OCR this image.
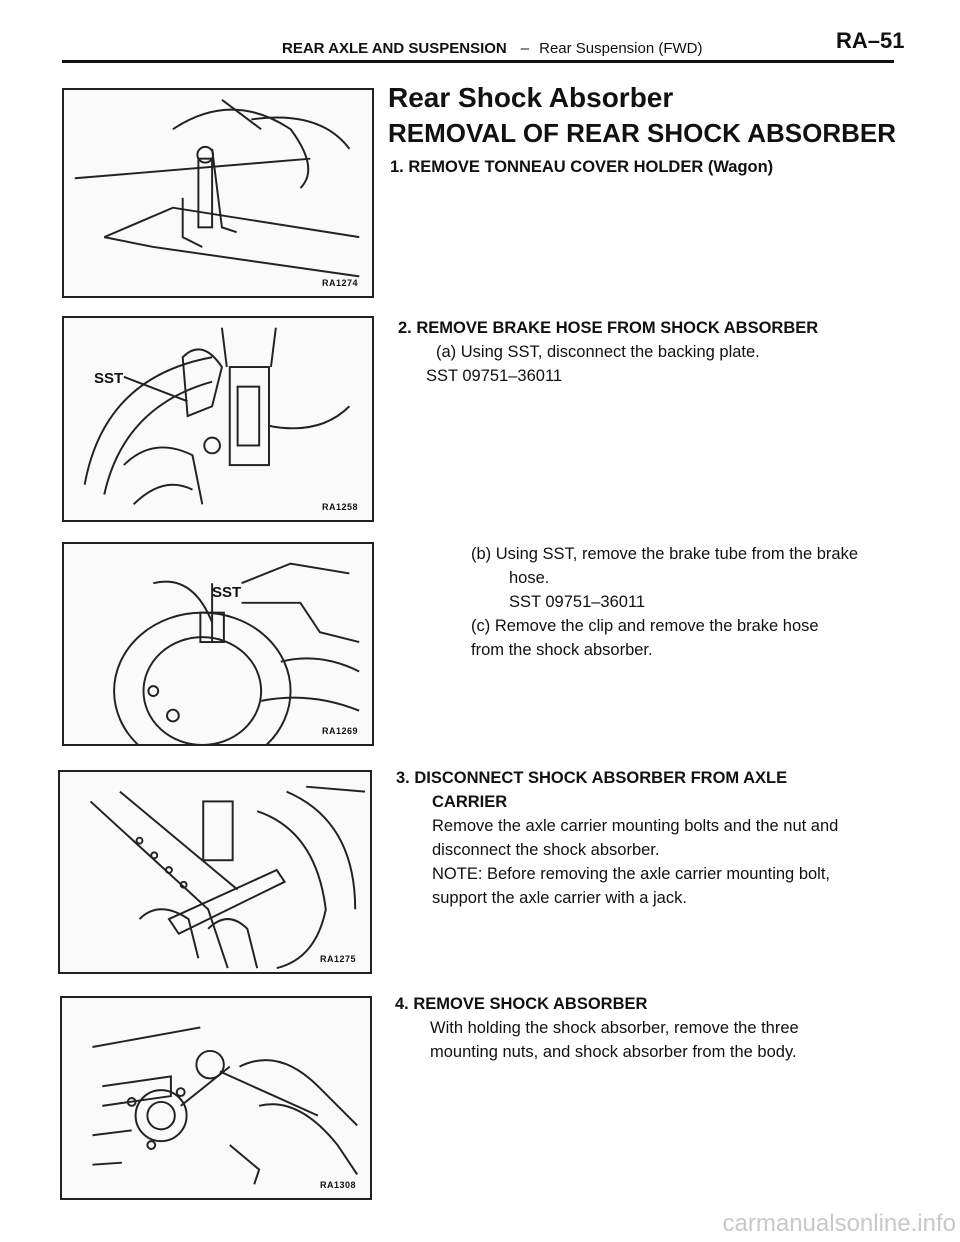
REAR AXLE AND SUSPENSION – Rear Suspension (FWD)	RA–51
RA1274
SST
RA1258
SST
RA1269
RA1275
RA1308
Rear Shock Absorber
REMOVAL OF REAR SHOCK ABSORBER
1. REMOVE TONNEAU COVER HOLDER (Wagon)
2. REMOVE BRAKE HOSE FROM SHOCK ABSORBER
(a) Using SST, disconnect the backing plate.
SST 09751–36011
(b) Using SST, remove the brake tube from the brake
hose.
SST 09751–36011
(c) Remove the clip and remove the brake hose
from the shock absorber.
3. DISCONNECT SHOCK ABSORBER FROM AXLE
CARRIER
Remove the axle carrier mounting bolts and the nut and
disconnect the shock absorber.
NOTE: Before removing the axle carrier mounting bolt,
support the axle carrier with a jack.
4. REMOVE SHOCK ABSORBER
With holding the shock absorber, remove the three
mounting nuts, and shock absorber from the body.
carmanualsonline.info
